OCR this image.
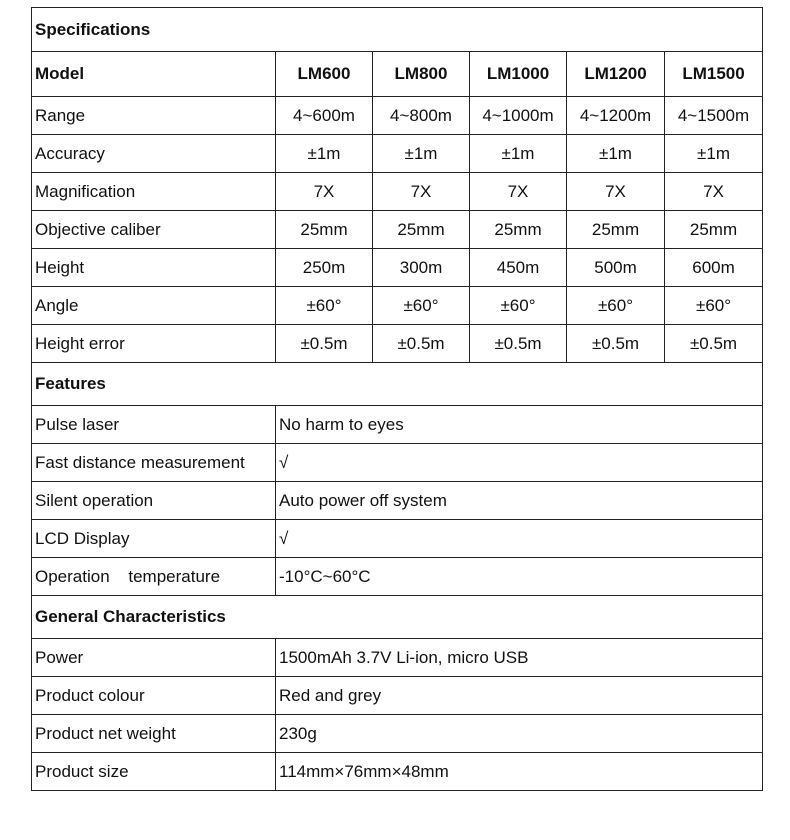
Specifications					
Model	LM600	LM800	LM1000	LM1200	LM1500
Range	4~600m	4~800m	4~1000m	4~1200m	4~1500m
Accuracy	±1m	±1m	±1m	±1m	±1m
Magnification	7X	7X	7X	7X	7X
Objective caliber	25mm	25mm	25mm	25mm	25mm
Height	250m	300m	450m	500m	600m
Angle	±60°	±60°	±60°	±60°	±60°
Height error	±0.5m	±0.5m	±0.5m	±0.5m	±0.5m
Features					
Pulse laser	No harm to eyes				
Fast distance measurement	√				
Silent operation	Auto power off system				
LCD Display	√				
Operation temperature	-10°C~60°C				
General Characteristics					
Power	1500mAh 3.7V Li-ion, micro USB				
Product colour	Red and grey				
Product net weight	230g				
Product size	114mm×76mm×48mm				
